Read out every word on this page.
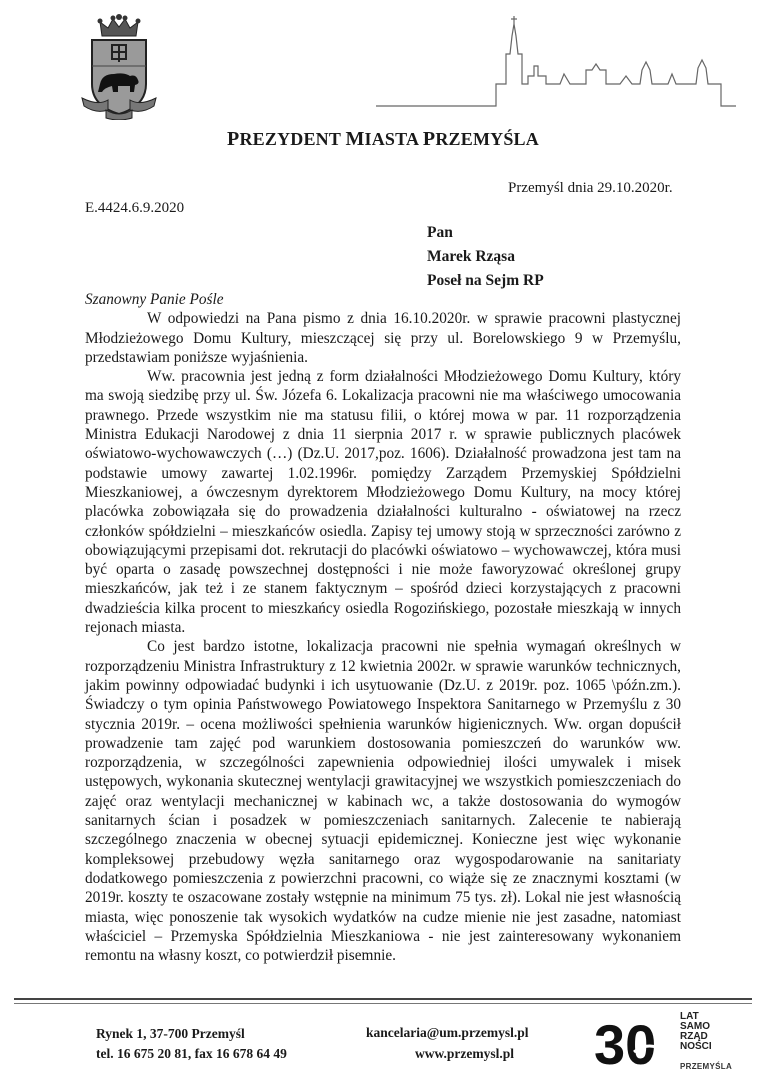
PREZYDENT MIASTA PRZEMYŚLA
Przemyśl dnia 29.10.2020r.
E.4424.6.9.2020
Pan
Marek Rząsa
Poseł na Sejm RP

Szanowny Panie Pośle

W odpowiedzi na Pana pismo z dnia 16.10.2020r. w sprawie pracowni plastycznej Młodzieżowego Domu Kultury, mieszczącej się przy ul. Borelowskiego 9 w Przemyślu, przedstawiam poniższe wyjaśnienia.

Ww. pracownia jest jedną z form działalności Młodzieżowego Domu Kultury, który ma swoją siedzibę przy ul. Św. Józefa 6. Lokalizacja pracowni nie ma właściwego umocowania prawnego. Przede wszystkim nie ma statusu filii, o której mowa w par. 11 rozporządzenia Ministra Edukacji Narodowej z dnia 11 sierpnia 2017 r. w sprawie publicznych placówek oświatowo-wychowawczych (…) (Dz.U. 2017,poz. 1606). Działalność prowadzona jest tam na podstawie umowy zawartej 1.02.1996r. pomiędzy Zarządem Przemyskiej Spółdzielni Mieszkaniowej, a ówczesnym dyrektorem Młodzieżowego Domu Kultury, na mocy której placówka zobowiązała się do prowadzenia działalności kulturalno - oświatowej na rzecz członków spółdzielni – mieszkańców osiedla. Zapisy tej umowy stoją w sprzeczności zarówno z obowiązującymi przepisami dot. rekrutacji do placówki oświatowo – wychowawczej, która musi być oparta o zasadę powszechnej dostępności i nie może faworyzować określonej grupy mieszkańców, jak też i ze stanem faktycznym – spośród dzieci korzystających z pracowni dwadzieścia kilka procent to mieszkańcy osiedla Rogozińskiego, pozostałe mieszkają w innych rejonach miasta.

Co jest bardzo istotne, lokalizacja pracowni nie spełnia wymagań określnych w rozporządzeniu Ministra Infrastruktury z 12 kwietnia 2002r. w sprawie warunków technicznych, jakim powinny odpowiadać budynki i ich usytuowanie (Dz.U. z 2019r. poz. 1065 \późn.zm.). Świadczy o tym opinia Państwowego Powiatowego Inspektora Sanitarnego w Przemyślu z 30 stycznia 2019r. – ocena możliwości spełnienia warunków higienicznych. Ww. organ dopuścił prowadzenie tam zajęć pod warunkiem dostosowania pomieszczeń do warunków ww. rozporządzenia, w szczególności zapewnienia odpowiedniej ilości umywalek i misek ustępowych, wykonania skutecznej wentylacji grawitacyjnej we wszystkich pomieszczeniach do zajęć oraz wentylacji mechanicznej w kabinach wc, a także dostosowania do wymogów sanitarnych ścian i posadzek w pomieszczeniach sanitarnych. Zalecenie te nabierają szczególnego znaczenia w obecnej sytuacji epidemicznej. Konieczne jest więc wykonanie kompleksowej przebudowy węzła sanitarnego oraz wygospodarowanie na sanitariaty dodatkowego pomieszczenia z powierzchni pracowni, co wiąże się ze znacznymi kosztami (w 2019r. koszty te oszacowane zostały wstępnie na minimum 75 tys. zł). Lokal nie jest własnością miasta, więc ponoszenie tak wysokich wydatków na cudze mienie nie jest zasadne, natomiast właściciel – Przemyska Spółdzielnia Mieszkaniowa - nie jest zainteresowany wykonaniem remontu na własny koszt, co potwierdził pisemnie.

Rynek 1, 37-700 Przemyśl
tel. 16 675 20 81, fax 16 678 64 49
kancelaria@um.przemysl.pl
www.przemysl.pl 30 LAT
SAMO
RZĄD
NOŚCI
PRZEMYŚLA
